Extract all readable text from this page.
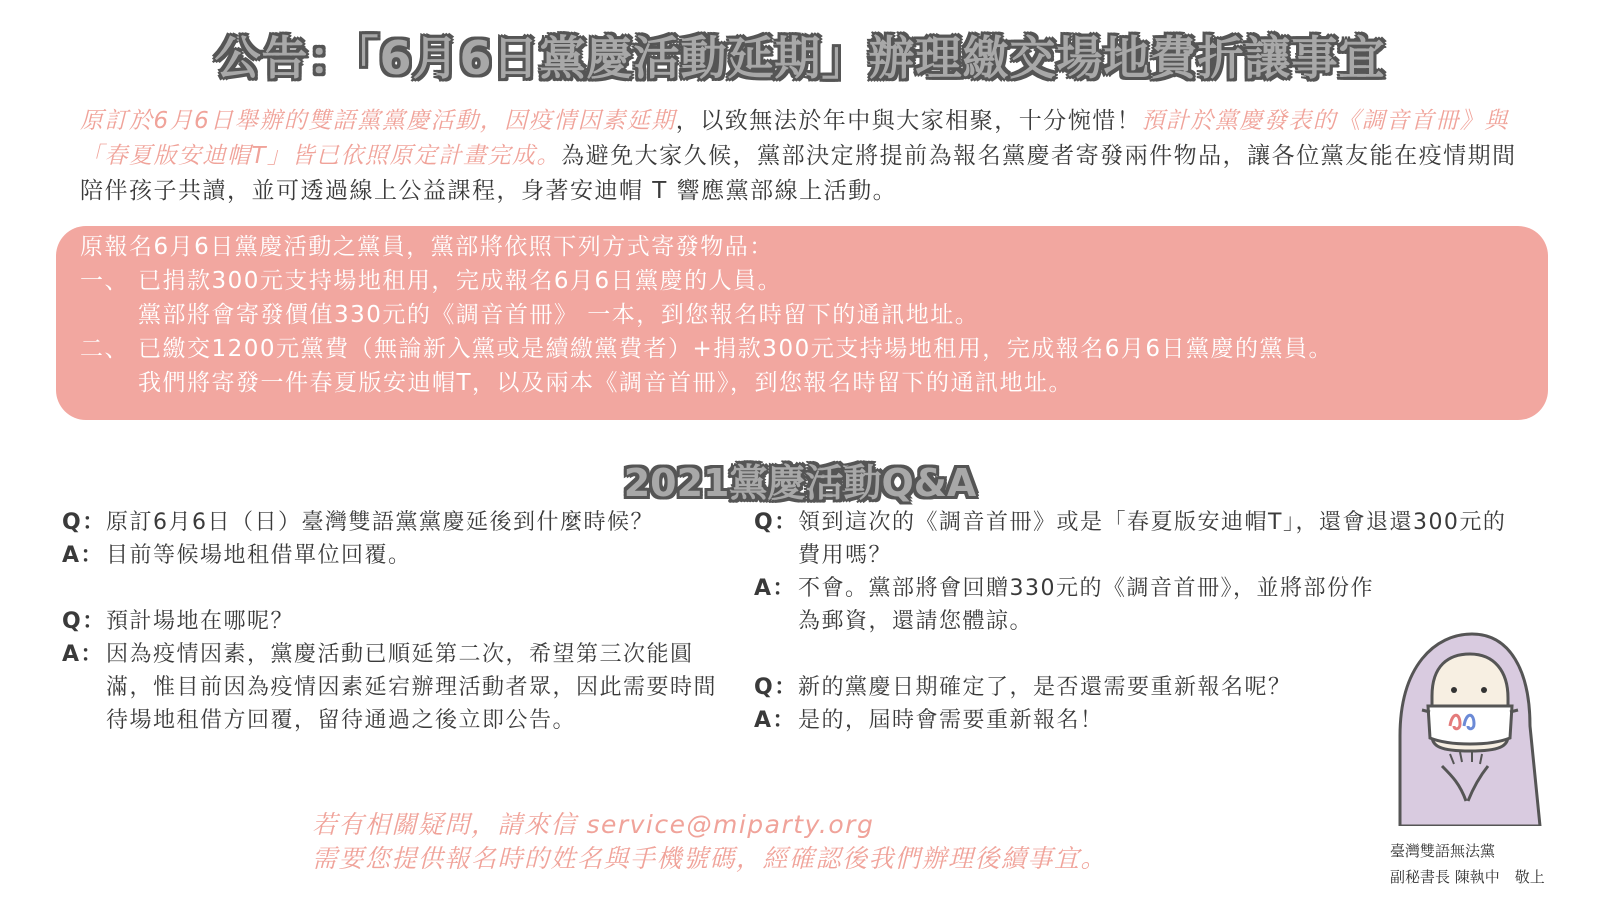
公告：「6月6日黨慶活動延期」辦理繳交場地費折讓事宜
原訂於6月6日舉辦的雙語黨黨慶活動，因疫情因素延期，以致無法於年中與大家相聚，十分惋惜！預計於黨慶發表的《調音首冊》與「春夏版安迪帽T」皆已依照原定計畫完成。為避免大家久候，黨部決定將提前為報名黨慶者寄發兩件物品，讓各位黨友能在疫情期間陪伴孩子共讀，並可透過線上公益課程，身著安迪帽 T 響應黨部線上活動。
原報名6月6日黨慶活動之黨員，黨部將依照下列方式寄發物品：
一、 已捐款300元支持場地租用，完成報名6月6日黨慶的人員。
黨部將會寄發價值330元的《調音首冊》 一本，到您報名時留下的通訊地址。
二、 已繳交1200元黨費（無論新入黨或是續繳黨費者）+捐款300元支持場地租用，完成報名6月6日黨慶的黨員。
我們將寄發一件春夏版安迪帽T，以及兩本《調音首冊》，到您報名時留下的通訊地址。
2021黨慶活動Q&A
Q： 原訂6月6日（日）臺灣雙語黨黨慶延後到什麼時候？
A： 目前等候場地租借單位回覆。
Q： 預計場地在哪呢？
A： 因為疫情因素，黨慶活動已順延第二次，希望第三次能圓滿，惟目前因為疫情因素延宕辦理活動者眾，因此需要時間待場地租借方回覆，留待通過之後立即公告。
Q： 領到這次的《調音首冊》或是「春夏版安迪帽T」，還會退還300元的費用嗎？
A： 不會。黨部將會回贈330元的《調音首冊》，並將部份作為郵資，還請您體諒。
Q： 新的黨慶日期確定了，是否還需要重新報名呢？
A： 是的，屆時會需要重新報名！
若有相關疑問，請來信 service@miparty.org
需要您提供報名時的姓名與手機號碼，經確認後我們辦理後續事宜。	臺灣雙語無法黨
副秘書長 陳執中　敬上
